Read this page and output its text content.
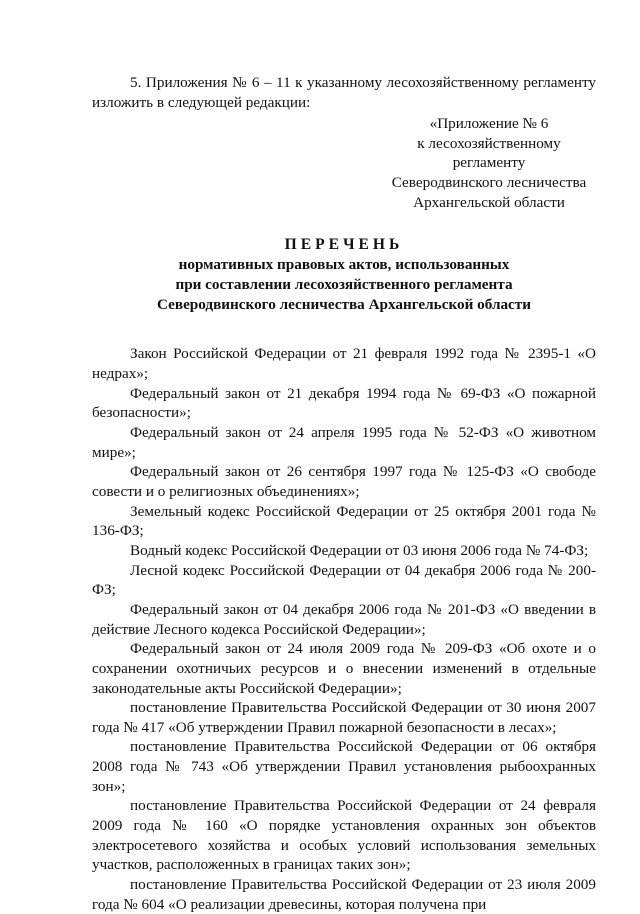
5. Приложения № 6 – 11 к указанному лесохозяйственному регламенту изложить в следующей редакции:

«Приложение № 6
к лесохозяйственному
регламенту
Северодвинского лесничества
Архангельской области
ПЕРЕЧЕНЬ
нормативных правовых актов, использованных
при составлении лесохозяйственного регламента
Северодвинского лесничества Архангельской области

Закон Российской Федерации от 21 февраля 1992 года № 2395-1 «О недрах»;

Федеральный закон от 21 декабря 1994 года № 69-ФЗ «О пожарной безопасности»;

Федеральный закон от 24 апреля 1995 года № 52-ФЗ «О животном мире»;

Федеральный закон от 26 сентября 1997 года № 125-ФЗ «О свободе совести и о религиозных объединениях»;

Земельный кодекс Российской Федерации от 25 октября 2001 года № 136-ФЗ;

Водный кодекс Российской Федерации от 03 июня 2006 года № 74-ФЗ;

Лесной кодекс Российской Федерации от 04 декабря 2006 года № 200-ФЗ;

Федеральный закон от 04 декабря 2006 года № 201-ФЗ «О введении в действие Лесного кодекса Российской Федерации»;

Федеральный закон от 24 июля 2009 года № 209-ФЗ «Об охоте и о сохранении охотничьих ресурсов и о внесении изменений в отдельные законодательные акты Российской Федерации»;

постановление Правительства Российской Федерации от 30 июня 2007 года № 417 «Об утверждении Правил пожарной безопасности в лесах»;

постановление Правительства Российской Федерации от 06 октября 2008 года № 743 «Об утверждении Правил установления рыбоохранных зон»;

постановление Правительства Российской Федерации от 24 февраля 2009 года № 160 «О порядке установления охранных зон объектов электросетевого хозяйства и особых условий использования земельных участков, расположенных в границах таких зон»;

постановление Правительства Российской Федерации от 23 июля 2009 года № 604 «О реализации древесины, которая получена при
